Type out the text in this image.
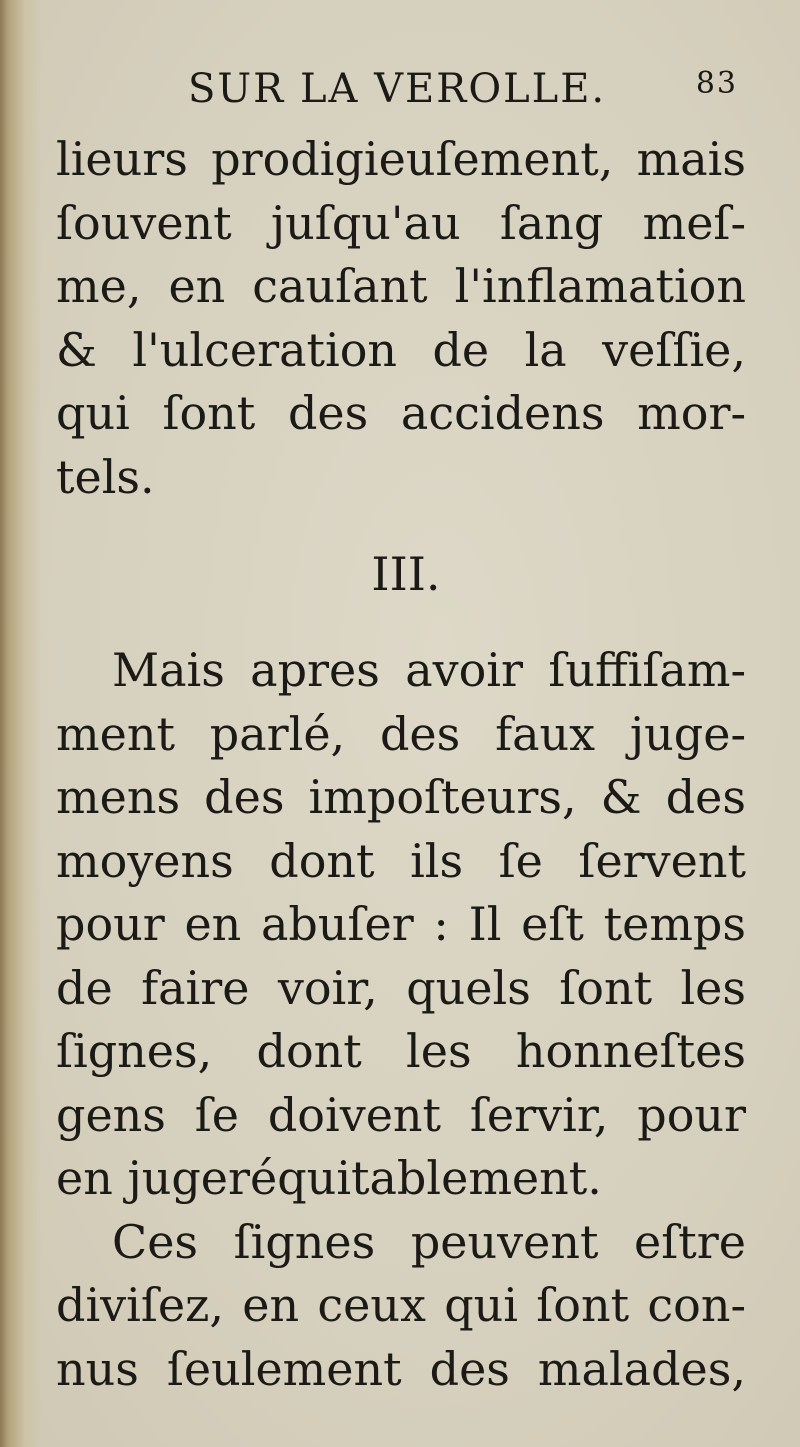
SUR LA VEROLLE.	83
lieurs prodigieuſement, mais
ſouvent juſqu'au ſang meſ-
me, en cauſant l'inflamation
& l'ulceration de la veſſie,
qui ſont des accidens mor-
tels.
III.
Mais apres avoir ſuffiſam-
ment parlé, des faux juge-
mens des impoſteurs, & des
moyens dont ils ſe ſervent
pour en abuſer : Il eſt temps
de faire voir, quels ſont les
ſignes, dont les honneſtes
gens ſe doivent ſervir, pour
en jugeréquitablement.
Ces ſignes peuvent eſtre
diviſez, en ceux qui ſont con-
nus ſeulement des malades,
